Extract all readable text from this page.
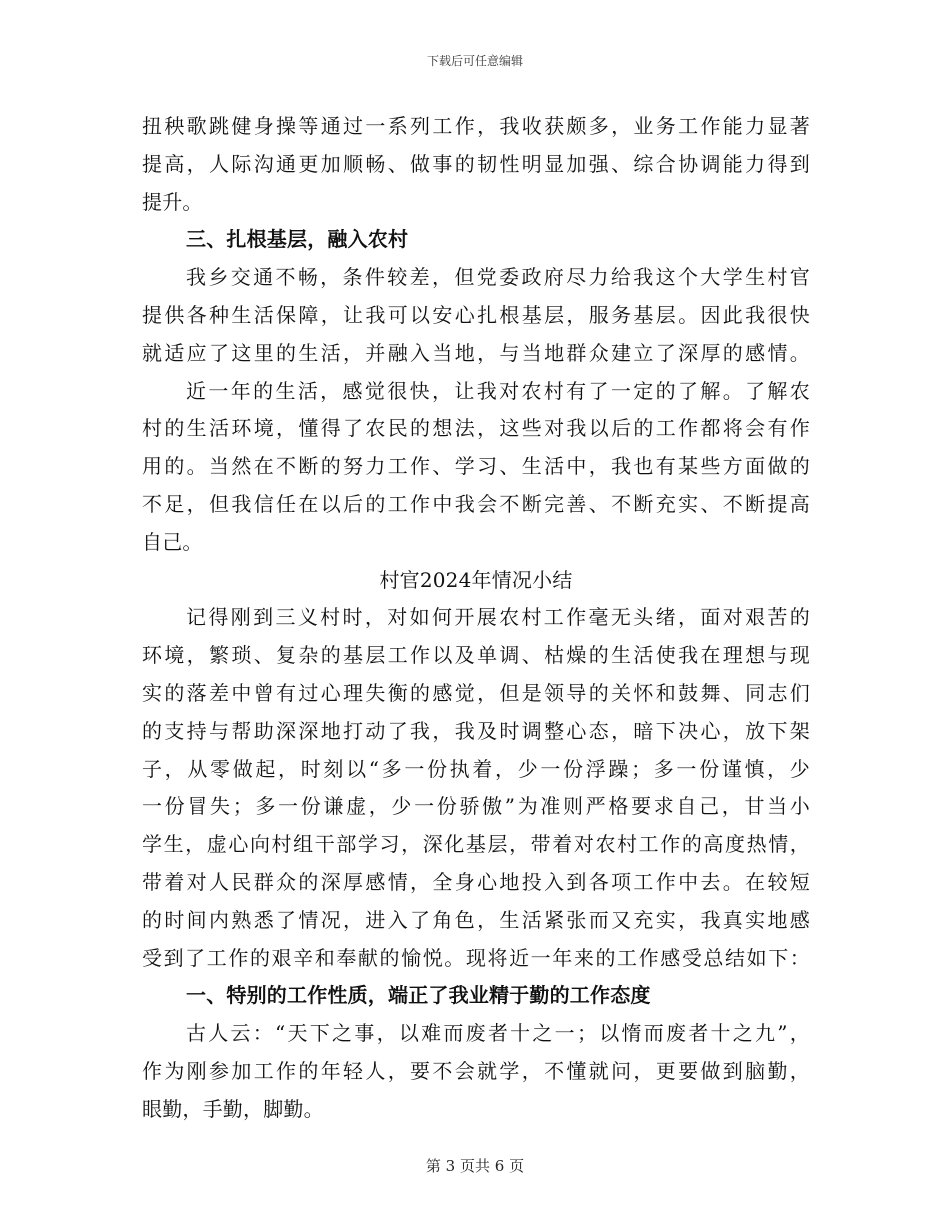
下载后可任意编辑
扭秧歌跳健身操等通过一系列工作，我收获颇多，业务工作能力显著
提高，人际沟通更加顺畅、做事的韧性明显加强、综合协调能力得到
提升。
三、扎根基层，融入农村
我乡交通不畅，条件较差，但党委政府尽力给我这个大学生村官
提供各种生活保障，让我可以安心扎根基层，服务基层。因此我很快
就适应了这里的生活，并融入当地，与当地群众建立了深厚的感情。
近一年的生活，感觉很快，让我对农村有了一定的了解。了解农
村的生活环境，懂得了农民的想法，这些对我以后的工作都将会有作
用的。当然在不断的努力工作、学习、生活中，我也有某些方面做的
不足，但我信任在以后的工作中我会不断完善、不断充实、不断提高
自己。
村官2024年情况小结
记得刚到三义村时，对如何开展农村工作毫无头绪，面对艰苦的
环境，繁琐、复杂的基层工作以及单调、枯燥的生活使我在理想与现
实的落差中曾有过心理失衡的感觉，但是领导的关怀和鼓舞、同志们
的支持与帮助深深地打动了我，我及时调整心态，暗下决心，放下架
子，从零做起，时刻以“多一份执着，少一份浮躁；多一份谨慎，少
一份冒失；多一份谦虚，少一份骄傲”为准则严格要求自己，甘当小
学生，虚心向村组干部学习，深化基层，带着对农村工作的高度热情，
带着对人民群众的深厚感情，全身心地投入到各项工作中去。在较短
的时间内熟悉了情况，进入了角色，生活紧张而又充实，我真实地感
受到了工作的艰辛和奉献的愉悦。现将近一年来的工作感受总结如下：
一、特别的工作性质，端正了我业精于勤的工作态度
古人云：“天下之事，以难而废者十之一；以惰而废者十之九”，
作为刚参加工作的年轻人，要不会就学，不懂就问，更要做到脑勤，
眼勤，手勤，脚勤。
第 3 页共 6 页
